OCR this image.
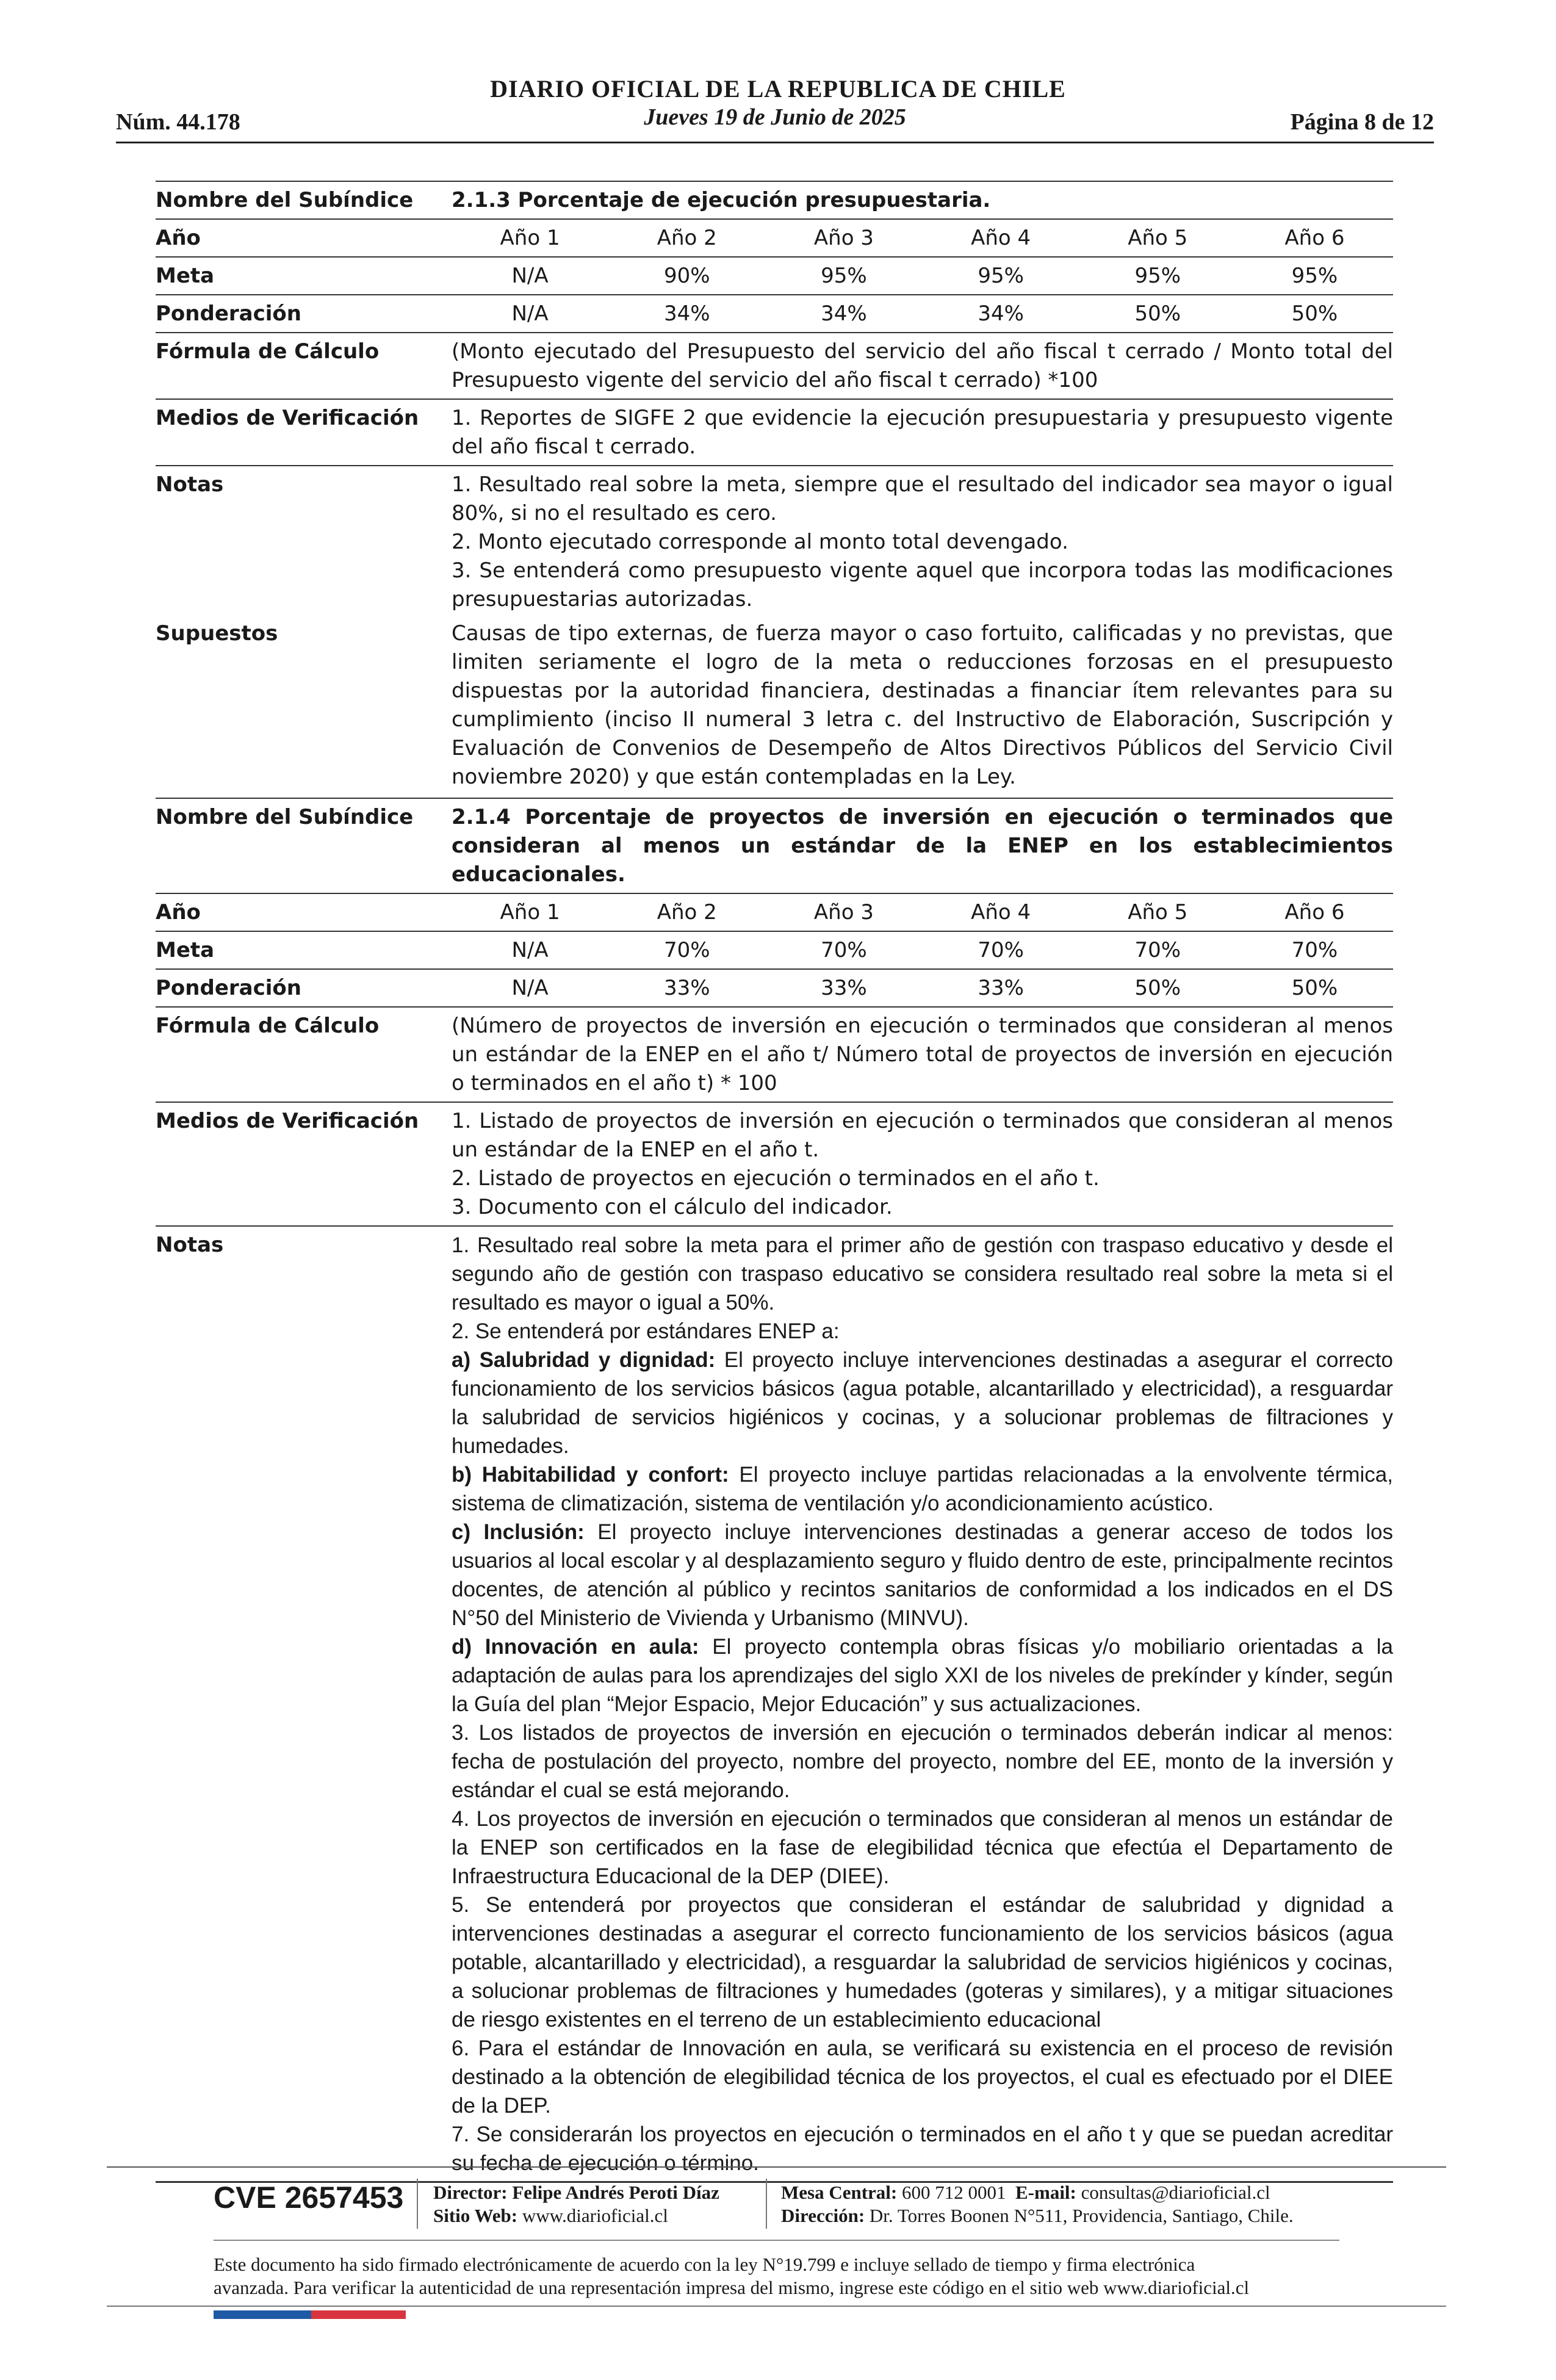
DIARIO OFICIAL DE LA REPUBLICA DE CHILE
Núm. 44.178	Jueves 19 de Junio de 2025	Página 8 de 12
Nombre del Subíndice	2.1.3 Porcentaje de ejecución presupuestaria.
Año	Año 1	Año 2	Año 3	Año 4	Año 5	Año 6
Meta	N/A	90%	95%	95%	95%	95%
Ponderación	N/A	34%	34%	34%	50%	50%
Fórmula de Cálculo	(Monto ejecutado del Presupuesto del servicio del año fiscal t cerrado / Monto total del Presupuesto vigente del servicio del año fiscal t cerrado) *100
Medios de Verificación	1. Reportes de SIGFE 2 que evidencie la ejecución presupuestaria y presupuesto vigente del año fiscal t cerrado.
Notas	1. Resultado real sobre la meta, siempre que el resultado del indicador sea mayor o igual 80%, si no el resultado es cero.

2. Monto ejecutado corresponde al monto total devengado.

3. Se entenderá como presupuesto vigente aquel que incorpora todas las modificaciones presupuestarias autorizadas.

Supuestos	Causas de tipo externas, de fuerza mayor o caso fortuito, calificadas y no previstas, que limiten seriamente el logro de la meta o reducciones forzosas en el presupuesto dispuestas por la autoridad financiera, destinadas a financiar ítem relevantes para su cumplimiento (inciso II numeral 3 letra c. del Instructivo de Elaboración, Suscripción y Evaluación de Convenios de Desempeño de Altos Directivos Públicos del Servicio Civil noviembre 2020) y que están contempladas en la Ley.
Nombre del Subíndice	2.1.4 Porcentaje de proyectos de inversión en ejecución o terminados que consideran al menos un estándar de la ENEP en los establecimientos educacionales.
Año	Año 1	Año 2	Año 3	Año 4	Año 5	Año 6
Meta	N/A	70%	70%	70%	70%	70%
Ponderación	N/A	33%	33%	33%	50%	50%
Fórmula de Cálculo	(Número de proyectos de inversión en ejecución o terminados que consideran al menos un estándar de la ENEP en el año t/ Número total de proyectos de inversión en ejecución o terminados en el año t) * 100
Medios de Verificación	1. Listado de proyectos de inversión en ejecución o terminados que consideran al menos un estándar de la ENEP en el año t.

2. Listado de proyectos en ejecución o terminados en el año t.

3. Documento con el cálculo del indicador.

Notas	1. Resultado real sobre la meta para el primer año de gestión con traspaso educativo y desde el segundo año de gestión con traspaso educativo se considera resultado real sobre la meta si el resultado es mayor o igual a 50%.

2. Se entenderá por estándares ENEP a:

a) Salubridad y dignidad: El proyecto incluye intervenciones destinadas a asegurar el correcto funcionamiento de los servicios básicos (agua potable, alcantarillado y electricidad), a resguardar la salubridad de servicios higiénicos y cocinas, y a solucionar problemas de filtraciones y humedades.

b) Habitabilidad y confort: El proyecto incluye partidas relacionadas a la envolvente térmica, sistema de climatización, sistema de ventilación y/o acondicionamiento acústico.

c) Inclusión: El proyecto incluye intervenciones destinadas a generar acceso de todos los usuarios al local escolar y al desplazamiento seguro y fluido dentro de este, principalmente recintos docentes, de atención al público y recintos sanitarios de conformidad a los indicados en el DS N°50 del Ministerio de Vivienda y Urbanismo (MINVU).

d) Innovación en aula: El proyecto contempla obras físicas y/o mobiliario orientadas a la adaptación de aulas para los aprendizajes del siglo XXI de los niveles de prekínder y kínder, según la Guía del plan “Mejor Espacio, Mejor Educación” y sus actualizaciones.

3. Los listados de proyectos de inversión en ejecución o terminados deberán indicar al menos: fecha de postulación del proyecto, nombre del proyecto, nombre del EE, monto de la inversión y estándar el cual se está mejorando.

4. Los proyectos de inversión en ejecución o terminados que consideran al menos un estándar de la ENEP son certificados en la fase de elegibilidad técnica que efectúa el Departamento de Infraestructura Educacional de la DEP (DIEE).

5. Se entenderá por proyectos que consideran el estándar de salubridad y dignidad a intervenciones destinadas a asegurar el correcto funcionamiento de los servicios básicos (agua potable, alcantarillado y electricidad), a resguardar la salubridad de servicios higiénicos y cocinas, a solucionar problemas de filtraciones y humedades (goteras y similares), y a mitigar situaciones de riesgo existentes en el terreno de un establecimiento educacional

6. Para el estándar de Innovación en aula, se verificará su existencia en el proceso de revisión destinado a la obtención de elegibilidad técnica de los proyectos, el cual es efectuado por el DIEE de la DEP.

7. Se considerarán los proyectos en ejecución o terminados en el año t y que se puedan acreditar su fecha de ejecución o término.

CVE 2657453 Director: Felipe Andrés Peroti Díaz
Sitio Web: www.diarioficial.cl
Mesa Central: 600 712 0001 E-mail: consultas@diarioficial.cl
Dirección: Dr. Torres Boonen N°511, Providencia, Santiago, Chile.
Este documento ha sido firmado electrónicamente de acuerdo con la ley N°19.799 e incluye sellado de tiempo y firma electrónica
avanzada. Para verificar la autenticidad de una representación impresa del mismo, ingrese este código en el sitio web www.diarioficial.cl
